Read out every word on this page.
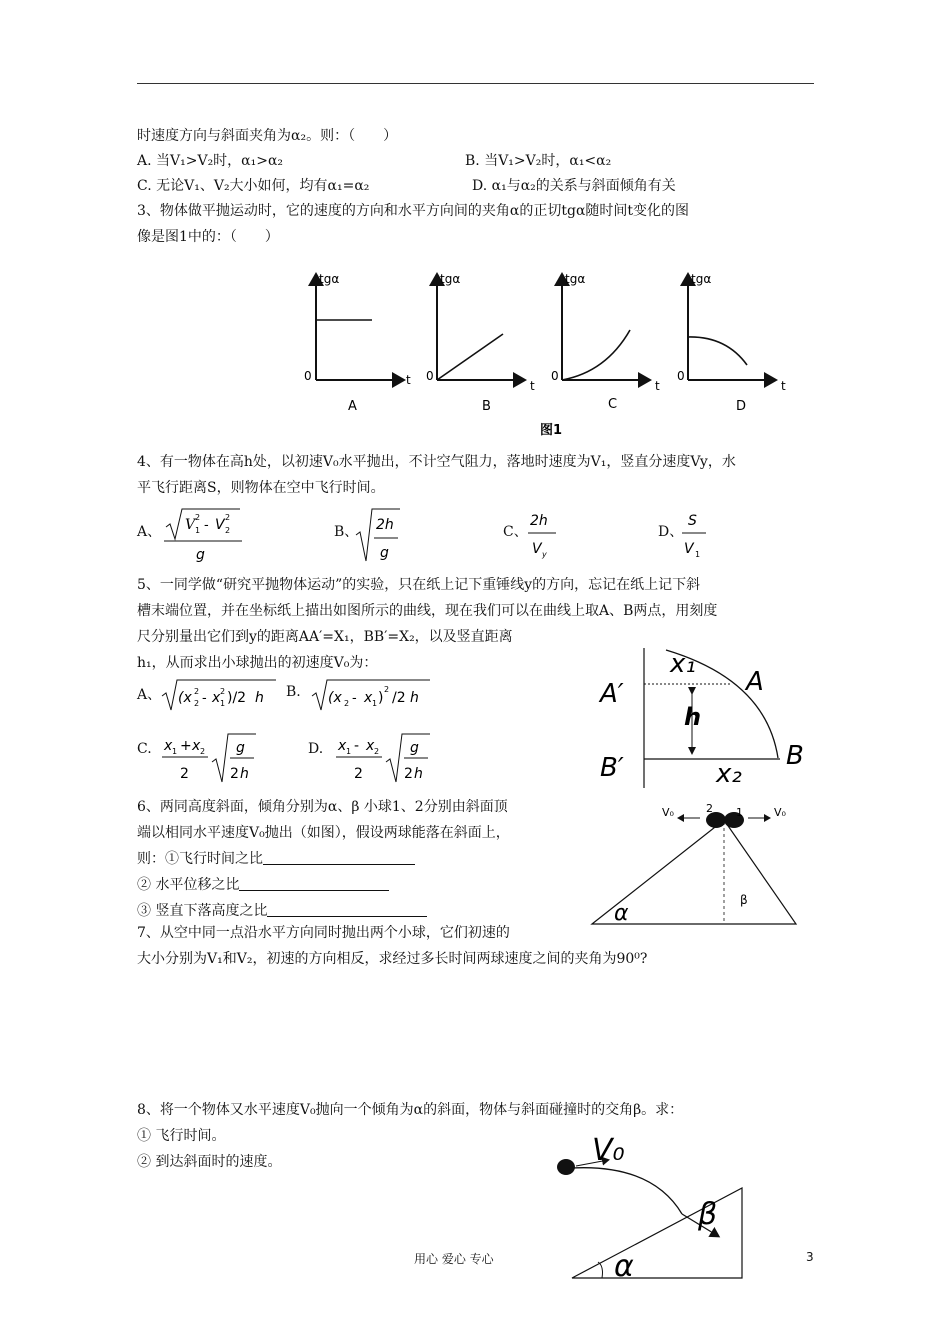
时速度方向与斜面夹角为α₂。则：（　　）
A. 当V₁>V₂时，α₁>α₂	B. 当V₁>V₂时，α₁<α₂
C. 无论V₁、V₂大小如何，均有α₁=α₂	D. α₁与α₂的关系与斜面倾角有关
3、物体做平抛运动时，它的速度的方向和水平方向间的夹角α的正切tgα随时间t变化的图
像是图1中的：（　　）
tgα
t
0
A
tgα
t
0
B
tgα
t
0
C
tgα
t
0
D
图1
4、有一物体在高h处，以初速V₀水平抛出，不计空气阻力，落地时速度为V₁，竖直分速度Vy，水
平飞行距离S，则物体在空中飞行时间。
A、 V 1
2
- V 2
2
g
B、 2h
g
C、
2h
V y
D、
S
V 1
5、一同学做“研究平抛物体运动”的实验，只在纸上记下重锤线y的方向，忘记在纸上记下斜
槽末端位置，并在坐标纸上描出如图所示的曲线，现在我们可以在曲线上取A、B两点，用刻度
尺分别量出它们到y的距离AA′=X₁，BB′=X₂，以及竖直距离
h₁，从而求出小球抛出的初速度V₀为：
A、 (x 2
2 - x 1
2 )/2 h B. (x 2 - x 1 )
2
/2 h
C. x 1 + x 2
2
g
2 h
D. x 1 - x 2
2
g
2 h
x₁
A
A′
h
B
B′	x₂
6、两同高度斜面，倾角分别为α、β 小球1、2分别由斜面顶
端以相同水平速度V₀抛出（如图），假设两球能落在斜面上，
则：①飞行时间之比
② 水平位移之比
③ 竖直下落高度之比
V₀	2 1	V₀
α
β
7、从空中同一点沿水平方向同时抛出两个小球，它们初速的
大小分别为V₁和V₂，初速的方向相反，求经过多长时间两球速度之间的夹角为90⁰?
8、将一个物体又水平速度V₀抛向一个倾角为α的斜面，物体与斜面碰撞时的交角β。求：
① 飞行时间。
② 到达斜面时的速度。	V₀
β
α
用心 爱心 专心	3
